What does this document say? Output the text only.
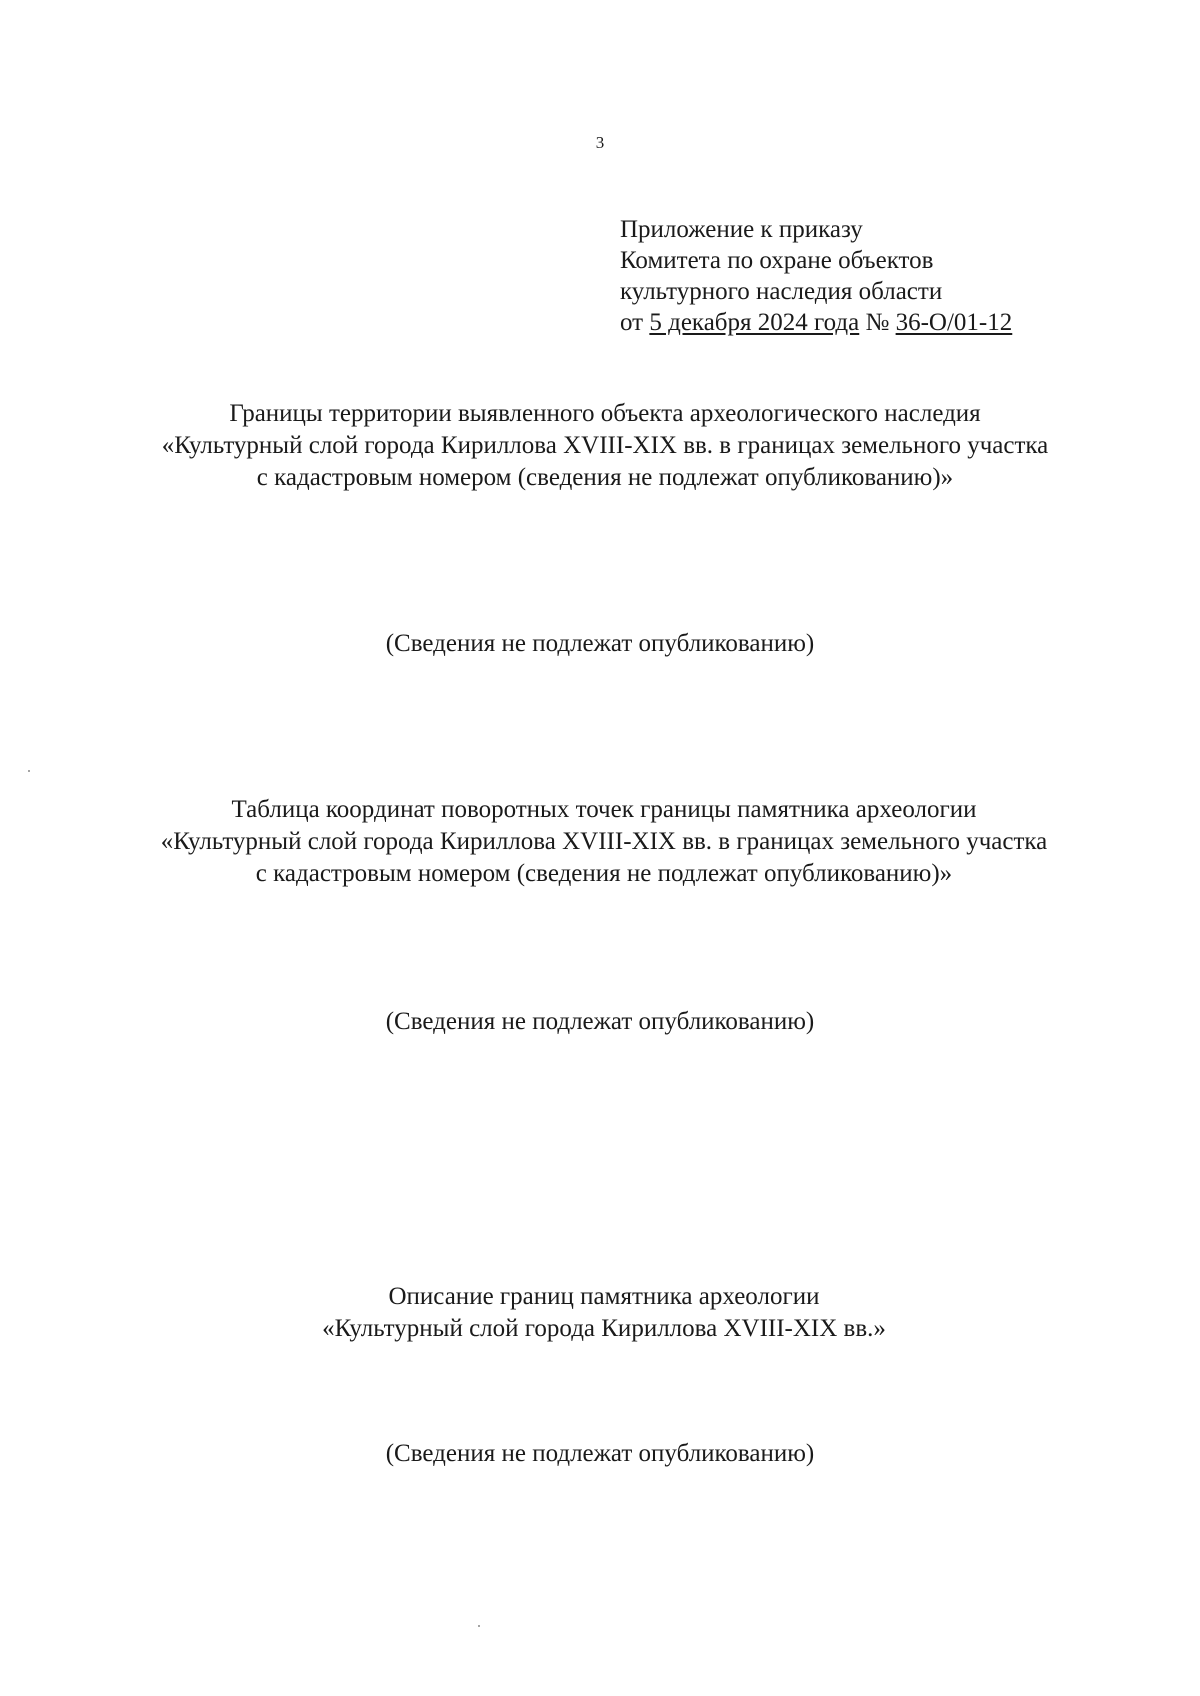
3
Приложение к приказу
Комитета по охране объектов
культурного наследия области
от 5 декабря 2024 года № 36-О/01-12
Границы территории выявленного объекта археологического наследия
«Культурный слой города Кириллова XVIII-XIX вв. в границах земельного участка
с кадастровым номером (сведения не подлежат опубликованию)»
(Сведения не подлежат опубликованию)
Таблица координат поворотных точек границы памятника археологии
«Культурный слой города Кириллова XVIII-XIX вв. в границах земельного участка
с кадастровым номером (сведения не подлежат опубликованию)»
(Сведения не подлежат опубликованию)
Описание границ памятника археологии
«Культурный слой города Кириллова XVIII-XIX вв.»
(Сведения не подлежат опубликованию)
